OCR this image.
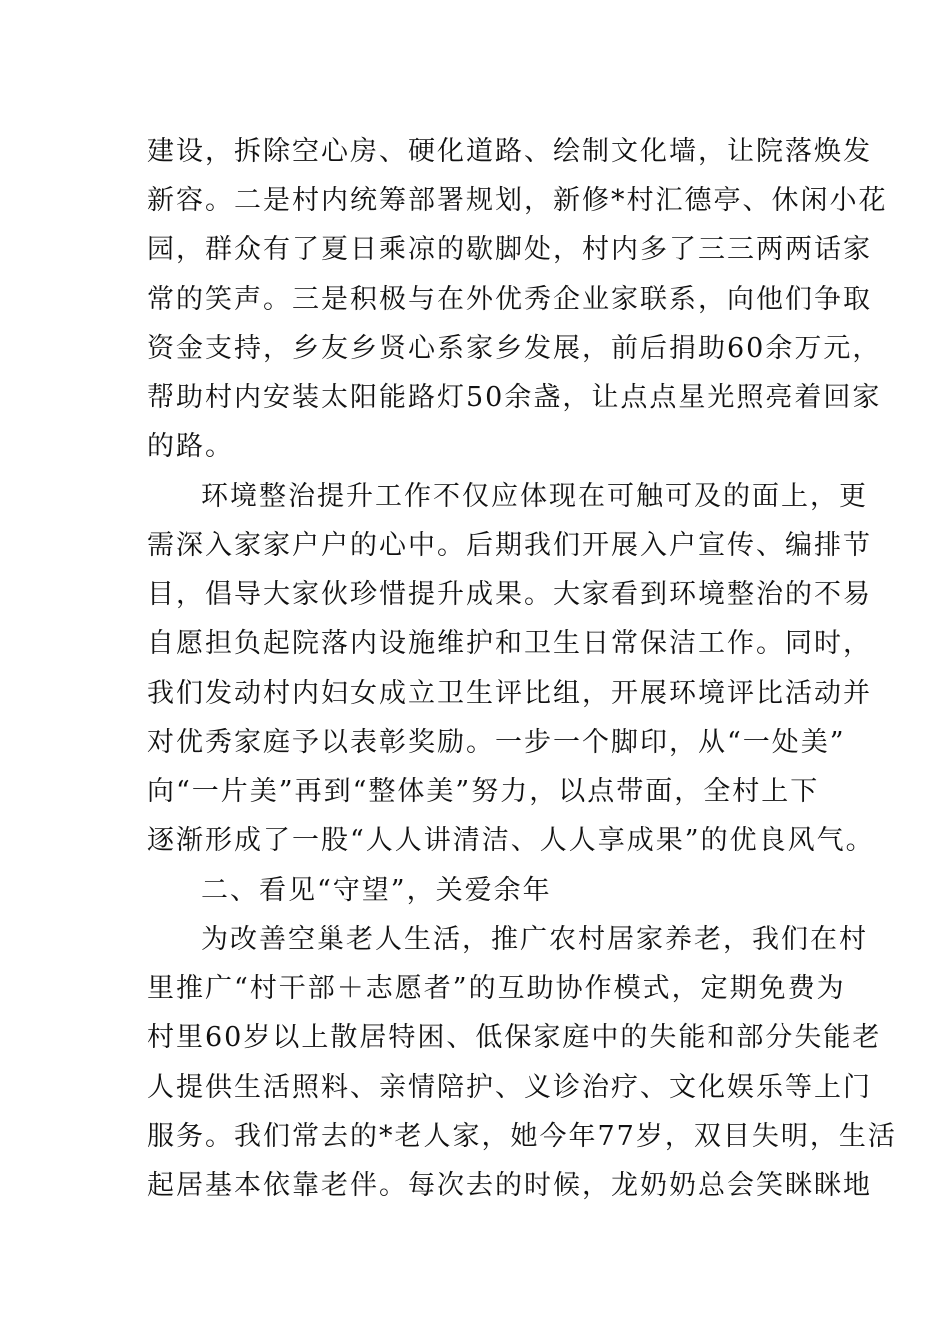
建设，拆除空心房、硬化道路、绘制文化墙，让院落焕发
新容。二是村内统筹部署规划，新修*村汇德亭、休闲小花
园，群众有了夏日乘凉的歇脚处，村内多了三三两两话家
常的笑声。三是积极与在外优秀企业家联系，向他们争取
资金支持，乡友乡贤心系家乡发展，前后捐助60余万元，
帮助村内安装太阳能路灯50余盏，让点点星光照亮着回家
的路。
环境整治提升工作不仅应体现在可触可及的面上，更
需深入家家户户的心中。后期我们开展入户宣传、编排节
目，倡导大家伙珍惜提升成果。大家看到环境整治的不易
自愿担负起院落内设施维护和卫生日常保洁工作。同时，
我们发动村内妇女成立卫生评比组，开展环境评比活动并
对优秀家庭予以表彰奖励。一步一个脚印，从“一处美”
向“一片美”再到“整体美”努力，以点带面，全村上下
逐渐形成了一股“人人讲清洁、人人享成果”的优良风气。
二、看见“守望”，关爱余年
为改善空巢老人生活，推广农村居家养老，我们在村
里推广“村干部＋志愿者”的互助协作模式，定期免费为
村里60岁以上散居特困、低保家庭中的失能和部分失能老
人提供生活照料、亲情陪护、义诊治疗、文化娱乐等上门
服务。我们常去的*老人家，她今年77岁，双目失明，生活
起居基本依靠老伴。每次去的时候，龙奶奶总会笑眯眯地
